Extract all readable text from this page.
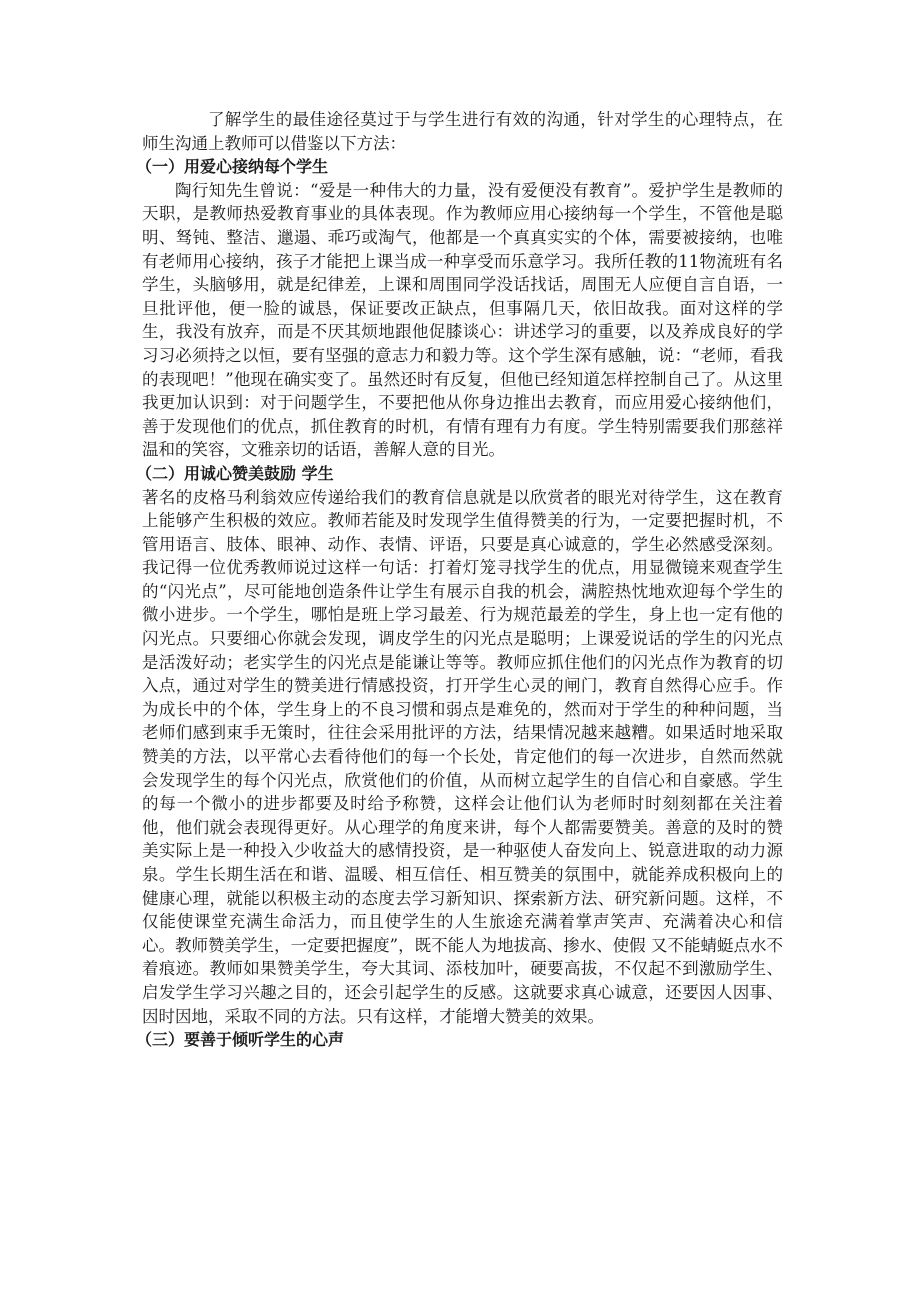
了解学生的最佳途径莫过于与学生进行有效的沟通，针对学生的心理特点，在师生沟通上教师可以借鉴以下方法：

（一）用爱心接纳每个学生

陶行知先生曾说：“爱是一种伟大的力量，没有爱便没有教育”。爱护学生是教师的天职，是教师热爱教育事业的具体表现。作为教师应用心接纳每一个学生，不管他是聪明、驽钝、整洁、邋遢、乖巧或淘气，他都是一个真真实实的个体，需要被接纳，也唯有老师用心接纳，孩子才能把上课当成一种享受而乐意学习。我所任教的11物流班有名学生，头脑够用，就是纪律差，上课和周围同学没话找话，周围无人应便自言自语，一旦批评他，便一脸的诚恳，保证要改正缺点，但事隔几天，依旧故我。面对这样的学生，我没有放弃，而是不厌其烦地跟他促膝谈心：讲述学习的重要，以及养成良好的学习习必须持之以恒，要有坚强的意志力和毅力等。这个学生深有感触，说：“老师，看我的表现吧！”他现在确实变了。虽然还时有反复，但他已经知道怎样控制自己了。从这里我更加认识到：对于问题学生，不要把他从你身边推出去教育，而应用爱心接纳他们，善于发现他们的优点，抓住教育的时机，有情有理有力有度。学生特别需要我们那慈祥温和的笑容，文雅亲切的话语，善解人意的目光。

（二）用诚心赞美鼓励 学生

著名的皮格马利翁效应传递给我们的教育信息就是以欣赏者的眼光对待学生，这在教育上能够产生积极的效应。教师若能及时发现学生值得赞美的行为，一定要把握时机，不管用语言、肢体、眼神、动作、表情、评语，只要是真心诚意的，学生必然感受深刻。我记得一位优秀教师说过这样一句话：打着灯笼寻找学生的优点，用显微镜来观查学生的“闪光点”，尽可能地创造条件让学生有展示自我的机会，满腔热忱地欢迎每个学生的微小进步。一个学生，哪怕是班上学习最差、行为规范最差的学生，身上也一定有他的闪光点。只要细心你就会发现，调皮学生的闪光点是聪明；上课爱说话的学生的闪光点是活泼好动；老实学生的闪光点是能谦让等等。教师应抓住他们的闪光点作为教育的切入点，通过对学生的赞美进行情感投资，打开学生心灵的闸门，教育自然得心应手。作为成长中的个体，学生身上的不良习惯和弱点是难免的，然而对于学生的种种问题，当老师们感到束手无策时，往往会采用批评的方法，结果情况越来越糟。如果适时地采取赞美的方法，以平常心去看待他们的每一个长处，肯定他们的每一次进步，自然而然就会发现学生的每个闪光点，欣赏他们的价值，从而树立起学生的自信心和自豪感。学生的每一个微小的进步都要及时给予称赞，这样会让他们认为老师时时刻刻都在关注着他，他们就会表现得更好。从心理学的角度来讲，每个人都需要赞美。善意的及时的赞美实际上是一种投入少收益大的感情投资，是一种驱使人奋发向上、锐意进取的动力源泉。学生长期生活在和谐、温暖、相互信任、相互赞美的氛围中，就能养成积极向上的健康心理，就能以积极主动的态度去学习新知识、探索新方法、研究新问题。这样，不仅能使课堂充满生命活力，而且使学生的人生旅途充满着掌声笑声、充满着决心和信心。教师赞美学生，一定要把握度”，既不能人为地拔高、掺水、使假 又不能蜻蜓点水不着痕迹。教师如果赞美学生，夸大其词、添枝加叶，硬要高拔，不仅起不到激励学生、启发学生学习兴趣之目的，还会引起学生的反感。这就要求真心诚意，还要因人因事、因时因地，采取不同的方法。只有这样，才能增大赞美的效果。

（三）要善于倾听学生的心声
